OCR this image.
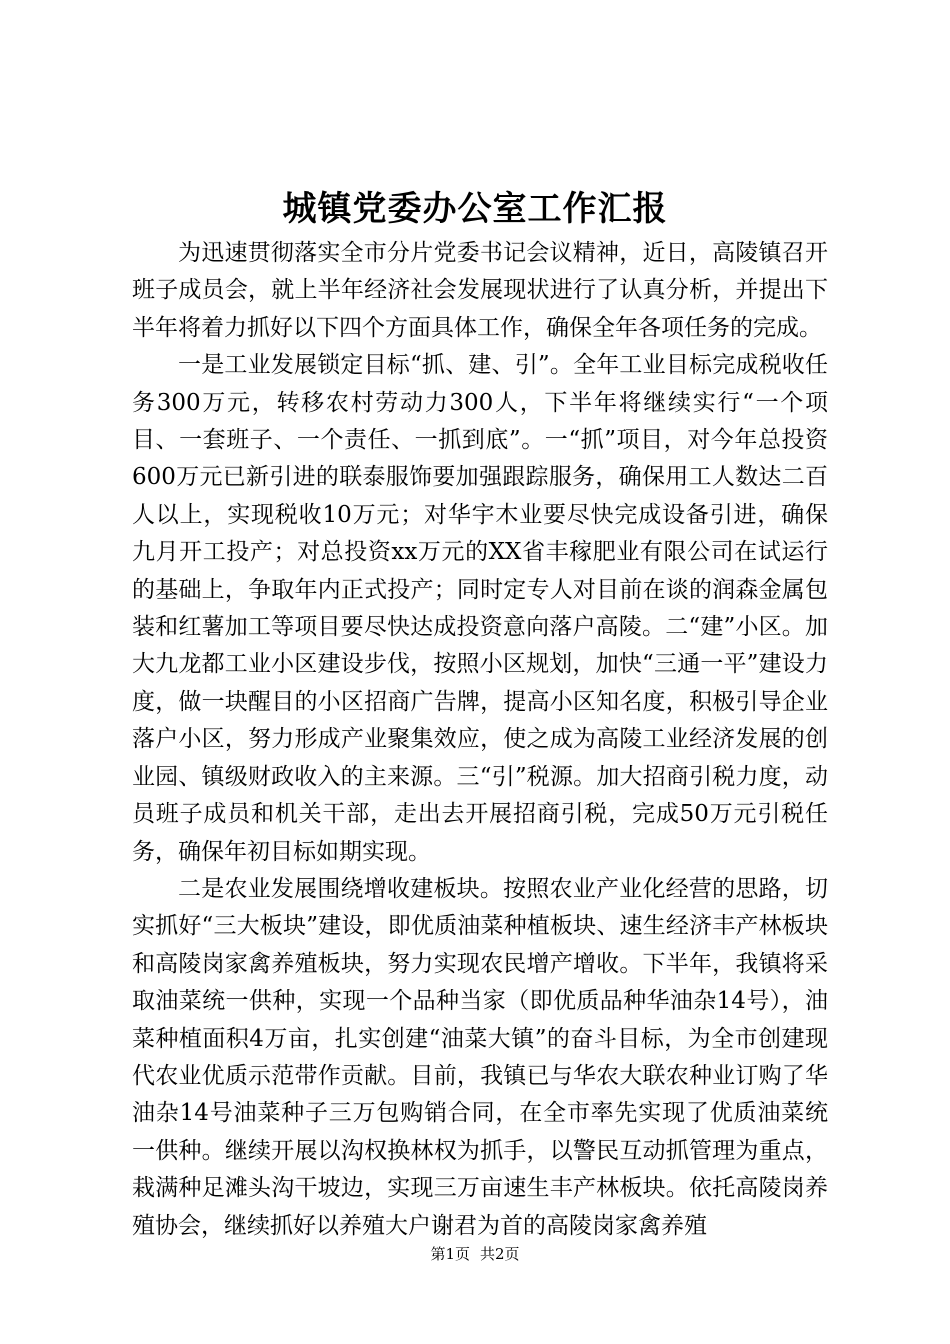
城镇党委办公室工作汇报

为迅速贯彻落实全市分片党委书记会议精神，近日，高陵镇召开班子成员会，就上半年经济社会发展现状进行了认真分析，并提出下半年将着力抓好以下四个方面具体工作，确保全年各项任务的完成。

一是工业发展锁定目标“抓、建、引”。全年工业目标完成税收任务300万元，转移农村劳动力300人，下半年将继续实行“一个项目、一套班子、一个责任、一抓到底”。一“抓”项目，对今年总投资600万元已新引进的联泰服饰要加强跟踪服务，确保用工人数达二百人以上，实现税收10万元；对华宇木业要尽快完成设备引进，确保九月开工投产；对总投资xx万元的XX省丰稼肥业有限公司在试运行的基础上，争取年内正式投产；同时定专人对目前在谈的润森金属包装和红薯加工等项目要尽快达成投资意向落户高陵。二“建”小区。加大九龙都工业小区建设步伐，按照小区规划，加快“三通一平”建设力度，做一块醒目的小区招商广告牌，提高小区知名度，积极引导企业落户小区，努力形成产业聚集效应，使之成为高陵工业经济发展的创业园、镇级财政收入的主来源。三“引”税源。加大招商引税力度，动员班子成员和机关干部，走出去开展招商引税，完成50万元引税任务，确保年初目标如期实现。

二是农业发展围绕增收建板块。按照农业产业化经营的思路，切实抓好“三大板块”建设，即优质油菜种植板块、速生经济丰产林板块和高陵岗家禽养殖板块，努力实现农民增产增收。下半年，我镇将采取油菜统一供种，实现一个品种当家（即优质品种华油杂14号），油菜种植面积4万亩，扎实创建“油菜大镇”的奋斗目标，为全市创建现代农业优质示范带作贡献。目前，我镇已与华农大联农种业订购了华油杂14号油菜种子三万包购销合同，在全市率先实现了优质油菜统一供种。继续开展以沟权换林权为抓手，以警民互动抓管理为重点，栽满种足滩头沟干坡边，实现三万亩速生丰产林板块。依托高陵岗养殖协会，继续抓好以养殖大户谢君为首的高陵岗家禽养殖

第1页 共2页
